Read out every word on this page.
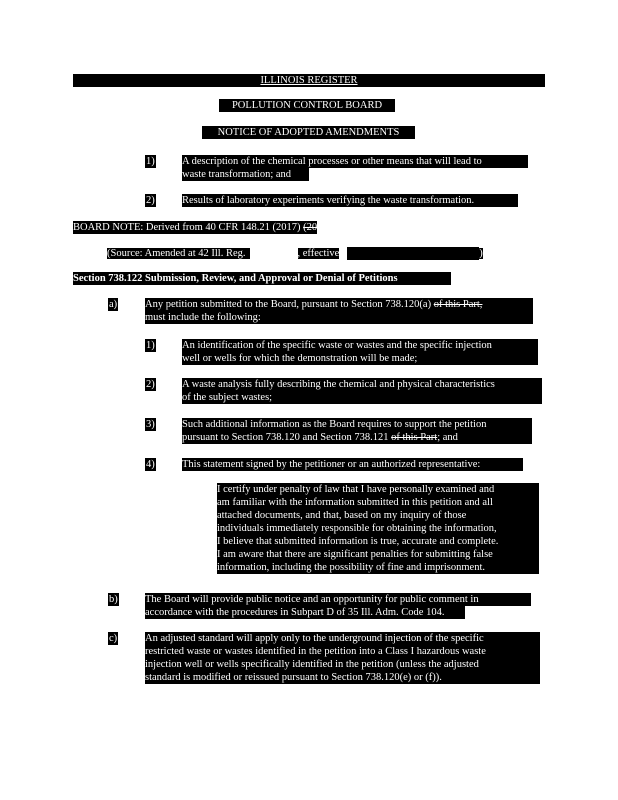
ILLINOIS REGISTER
POLLUTION CONTROL BOARD
NOTICE OF ADOPTED AMENDMENTS
1)	A description of the chemical processes or other means that will lead to
waste transformation; and
2)	Results of laboratory experiments verifying the waste transformation.
BOARD NOTE: Derived from 40 CFR 148.21 (2017) (2005)
(Source: Amended at 42 Ill. Reg.	, effective	)
Section 738.122 Submission, Review, and Approval or Denial of Petitions
a)	Any petition submitted to the Board, pursuant to Section 738.120(a) of this Part,
must include the following:
1)	An identification of the specific waste or wastes and the specific injection
well or wells for which the demonstration will be made;
2)	A waste analysis fully describing the chemical and physical characteristics
of the subject wastes;
3)	Such additional information as the Board requires to support the petition
pursuant to Section 738.120 and Section 738.121 of this Part; and
4)	This statement signed by the petitioner or an authorized representative:
I certify under penalty of law that I have personally examined and
am familiar with the information submitted in this petition and all
attached documents, and that, based on my inquiry of those
individuals immediately responsible for obtaining the information,
I believe that submitted information is true, accurate and complete.
I am aware that there are significant penalties for submitting false
information, including the possibility of fine and imprisonment.
b)	The Board will provide public notice and an opportunity for public comment in
accordance with the procedures in Subpart D of 35 Ill. Adm. Code 104.
c)	An adjusted standard will apply only to the underground injection of the specific
restricted waste or wastes identified in the petition into a Class I hazardous waste
injection well or wells specifically identified in the petition (unless the adjusted
standard is modified or reissued pursuant to Section 738.120(e) or (f)).
